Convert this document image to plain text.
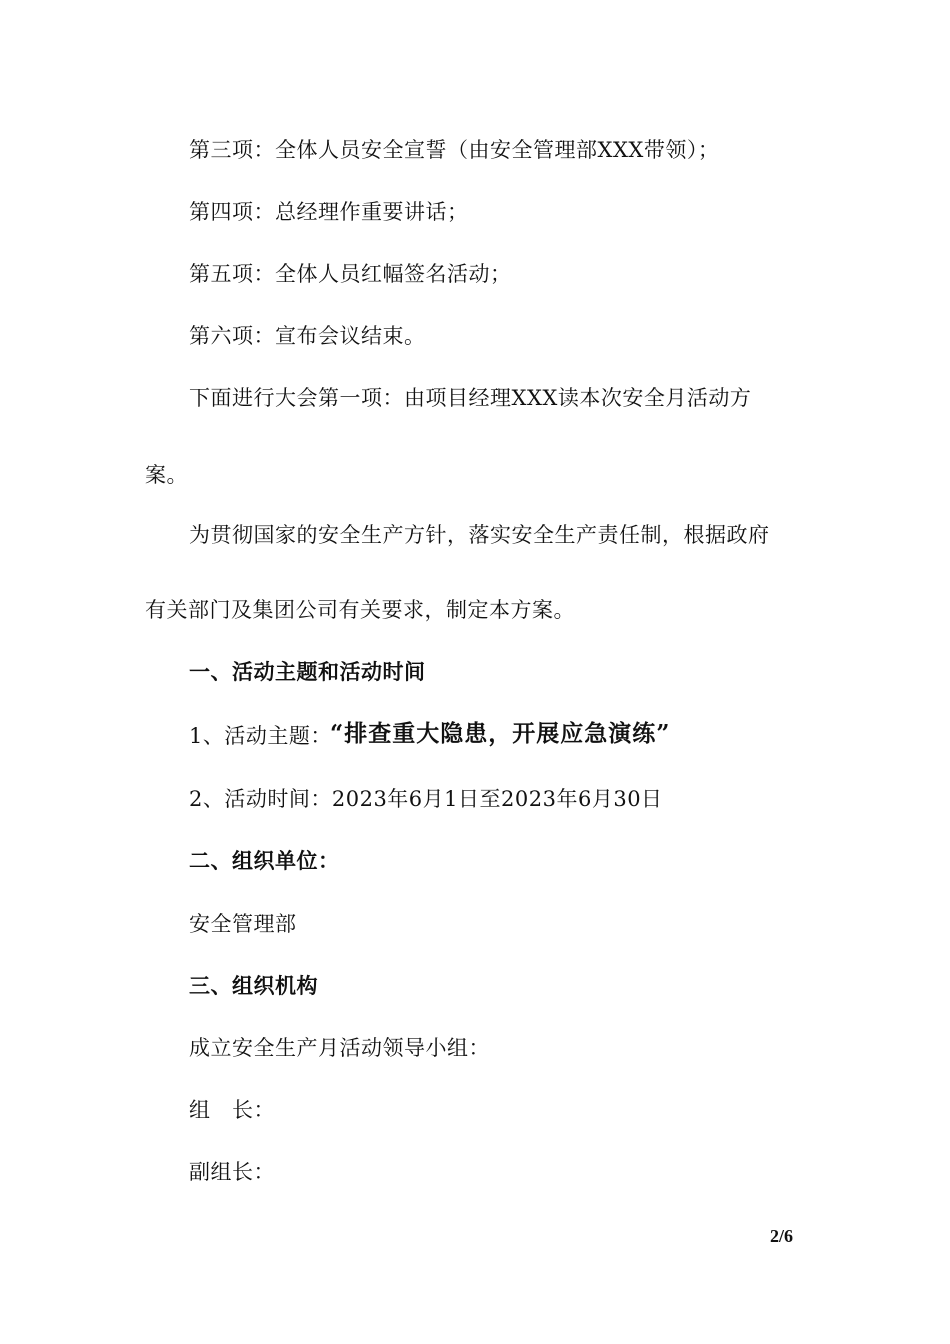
第三项：全体人员安全宣誓（由安全管理部XXX带领）；
第四项：总经理作重要讲话；
第五项：全体人员红幅签名活动；
第六项：宣布会议结束。
下面进行大会第一项：由项目经理XXX读本次安全月活动方
案。
为贯彻国家的安全生产方针，落实安全生产责任制，根据政府
有关部门及集团公司有关要求，制定本方案。
一、活动主题和活动时间
1、活动主题：
“排查重大隐患，开展应急演练”
2、活动时间：2023年6月1日至2023年6月30日
二、组织单位：
安全管理部
三、组织机构
成立安全生产月活动领导小组：
组　长：
副组长：
2/6
